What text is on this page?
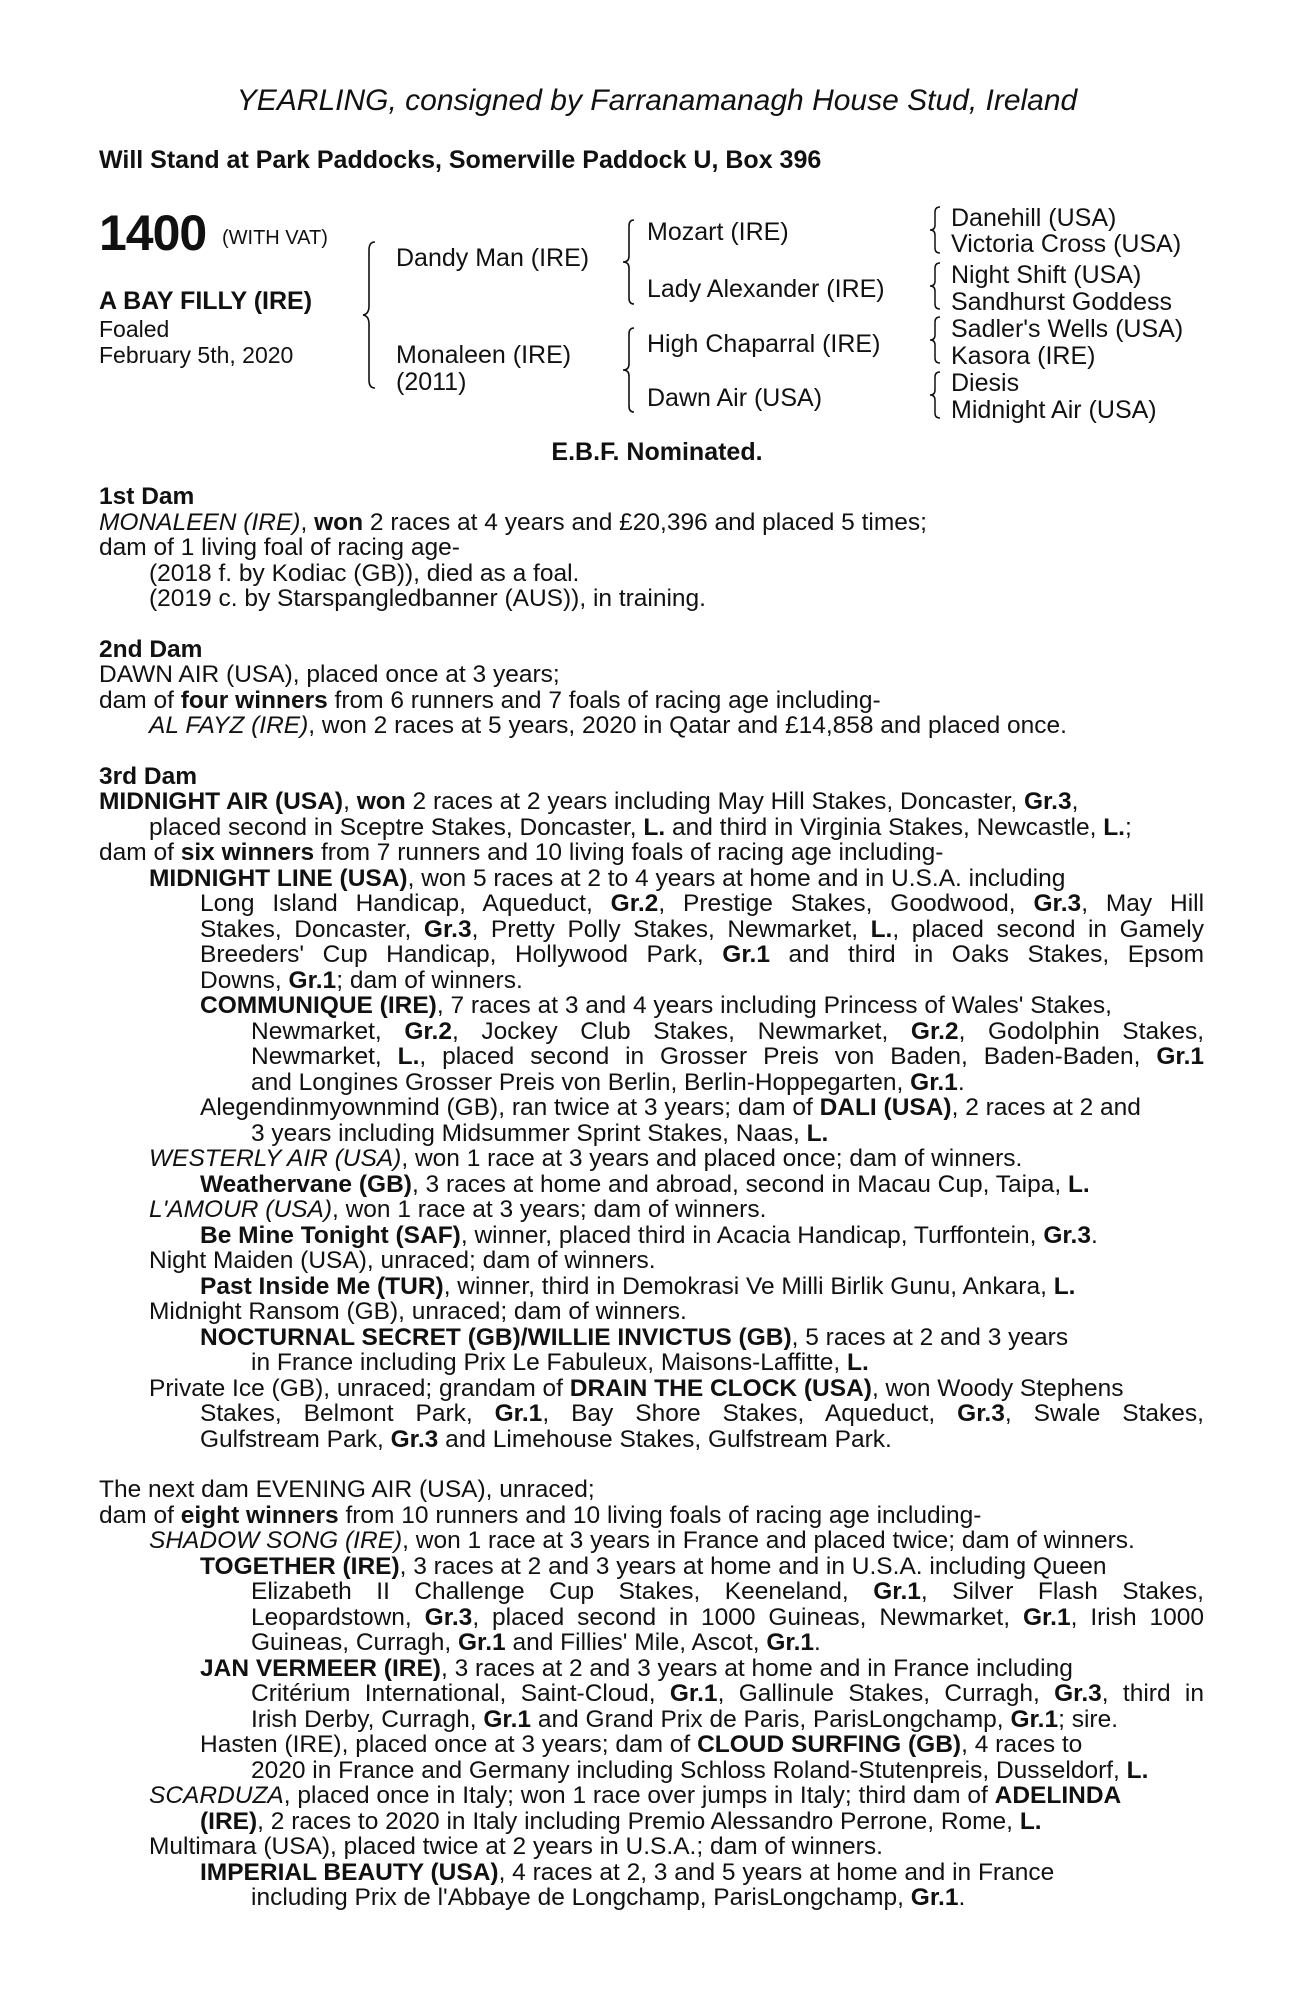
YEARLING, consigned by Farranamanagh House Stud, Ireland
Will Stand at Park Paddocks, Somerville Paddock U, Box 396
1400 (WITH VAT)
A BAY FILLY (IRE)
Foaled
February 5th, 2020
Dandy Man (IRE)
Monaleen (IRE)
(2011)
Mozart (IRE)
Lady Alexander (IRE)
High Chaparral (IRE)
Dawn Air (USA)
Danehill (USA)
Victoria Cross (USA)
Night Shift (USA)
Sandhurst Goddess
Sadler's Wells (USA)
Kasora (IRE)
Diesis
Midnight Air (USA)
E.B.F. Nominated.
1st Dam
MONALEEN (IRE), won 2 races at 4 years and £20,396 and placed 5 times;
dam of 1 living foal of racing age-
(2018 f. by Kodiac (GB)), died as a foal.
(2019 c. by Starspangledbanner (AUS)), in training.
2nd Dam
DAWN AIR (USA), placed once at 3 years;
dam of four winners from 6 runners and 7 foals of racing age including-
AL FAYZ (IRE), won 2 races at 5 years, 2020 in Qatar and £14,858 and placed once.
3rd Dam
MIDNIGHT AIR (USA), won 2 races at 2 years including May Hill Stakes, Doncaster, Gr.3,
placed second in Sceptre Stakes, Doncaster, L. and third in Virginia Stakes, Newcastle, L.;
dam of six winners from 7 runners and 10 living foals of racing age including-
MIDNIGHT LINE (USA), won 5 races at 2 to 4 years at home and in U.S.A. including
Long Island Handicap, Aqueduct, Gr.2, Prestige Stakes, Goodwood, Gr.3, May Hill
Stakes, Doncaster, Gr.3, Pretty Polly Stakes, Newmarket, L., placed second in Gamely
Breeders' Cup Handicap, Hollywood Park, Gr.1 and third in Oaks Stakes, Epsom
Downs, Gr.1; dam of winners.
COMMUNIQUE (IRE), 7 races at 3 and 4 years including Princess of Wales' Stakes,
Newmarket, Gr.2, Jockey Club Stakes, Newmarket, Gr.2, Godolphin Stakes,
Newmarket, L., placed second in Grosser Preis von Baden, Baden-Baden, Gr.1
and Longines Grosser Preis von Berlin, Berlin-Hoppegarten, Gr.1.
Alegendinmyownmind (GB), ran twice at 3 years; dam of DALI (USA), 2 races at 2 and
3 years including Midsummer Sprint Stakes, Naas, L.
WESTERLY AIR (USA), won 1 race at 3 years and placed once; dam of winners.
Weathervane (GB), 3 races at home and abroad, second in Macau Cup, Taipa, L.
L'AMOUR (USA), won 1 race at 3 years; dam of winners.
Be Mine Tonight (SAF), winner, placed third in Acacia Handicap, Turffontein, Gr.3.
Night Maiden (USA), unraced; dam of winners.
Past Inside Me (TUR), winner, third in Demokrasi Ve Milli Birlik Gunu, Ankara, L.
Midnight Ransom (GB), unraced; dam of winners.
NOCTURNAL SECRET (GB)/WILLIE INVICTUS (GB), 5 races at 2 and 3 years
in France including Prix Le Fabuleux, Maisons-Laffitte, L.
Private Ice (GB), unraced; grandam of DRAIN THE CLOCK (USA), won Woody Stephens
Stakes, Belmont Park, Gr.1, Bay Shore Stakes, Aqueduct, Gr.3, Swale Stakes,
Gulfstream Park, Gr.3 and Limehouse Stakes, Gulfstream Park.
The next dam EVENING AIR (USA), unraced;
dam of eight winners from 10 runners and 10 living foals of racing age including-
SHADOW SONG (IRE), won 1 race at 3 years in France and placed twice; dam of winners.
TOGETHER (IRE), 3 races at 2 and 3 years at home and in U.S.A. including Queen
Elizabeth II Challenge Cup Stakes, Keeneland, Gr.1, Silver Flash Stakes,
Leopardstown, Gr.3, placed second in 1000 Guineas, Newmarket, Gr.1, Irish 1000
Guineas, Curragh, Gr.1 and Fillies' Mile, Ascot, Gr.1.
JAN VERMEER (IRE), 3 races at 2 and 3 years at home and in France including
Critérium International, Saint-Cloud, Gr.1, Gallinule Stakes, Curragh, Gr.3, third in
Irish Derby, Curragh, Gr.1 and Grand Prix de Paris, ParisLongchamp, Gr.1; sire.
Hasten (IRE), placed once at 3 years; dam of CLOUD SURFING (GB), 4 races to
2020 in France and Germany including Schloss Roland-Stutenpreis, Dusseldorf, L.
SCARDUZA, placed once in Italy; won 1 race over jumps in Italy; third dam of ADELINDA
(IRE), 2 races to 2020 in Italy including Premio Alessandro Perrone, Rome, L.
Multimara (USA), placed twice at 2 years in U.S.A.; dam of winners.
IMPERIAL BEAUTY (USA), 4 races at 2, 3 and 5 years at home and in France
including Prix de l'Abbaye de Longchamp, ParisLongchamp, Gr.1.
